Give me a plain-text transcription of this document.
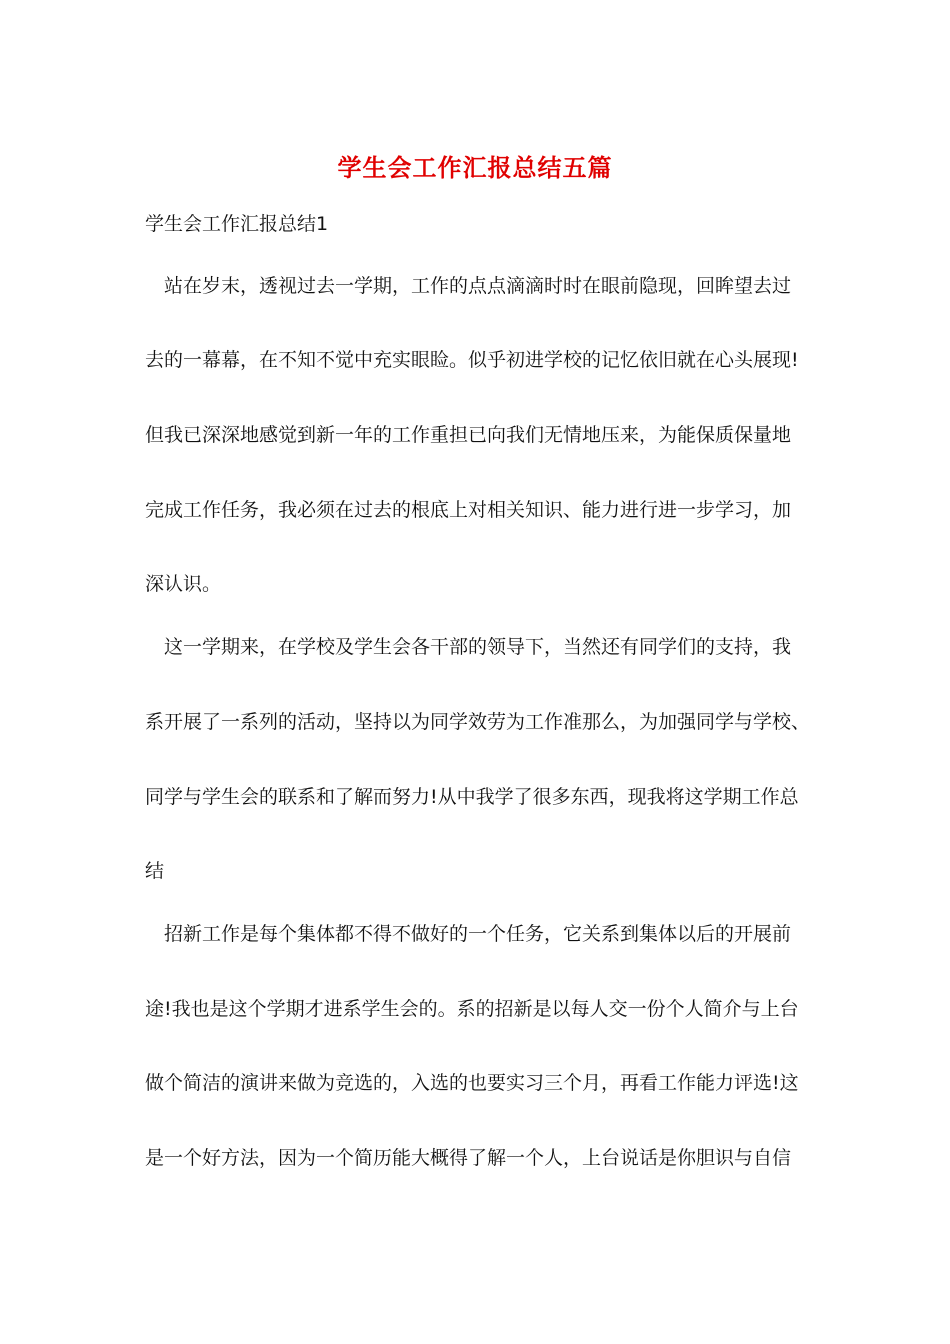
学生会工作汇报总结五篇
学生会工作汇报总结1
站在岁末，透视过去一学期，工作的点点滴滴时时在眼前隐现，回眸望去过
去的一幕幕，在不知不觉中充实眼睑。似乎初进学校的记忆依旧就在心头展现!
但我已深深地感觉到新一年的工作重担已向我们无情地压来，为能保质保量地
完成工作任务，我必须在过去的根底上对相关知识、能力进行进一步学习，加
深认识。
这一学期来，在学校及学生会各干部的领导下，当然还有同学们的支持，我
系开展了一系列的活动，坚持以为同学效劳为工作准那么，为加强同学与学校、
同学与学生会的联系和了解而努力!从中我学了很多东西，现我将这学期工作总
结
招新工作是每个集体都不得不做好的一个任务，它关系到集体以后的开展前
途!我也是这个学期才进系学生会的。系的招新是以每人交一份个人简介与上台
做个简洁的演讲来做为竞选的，入选的也要实习三个月，再看工作能力评选!这
是一个好方法，因为一个简历能大概得了解一个人，上台说话是你胆识与自信
